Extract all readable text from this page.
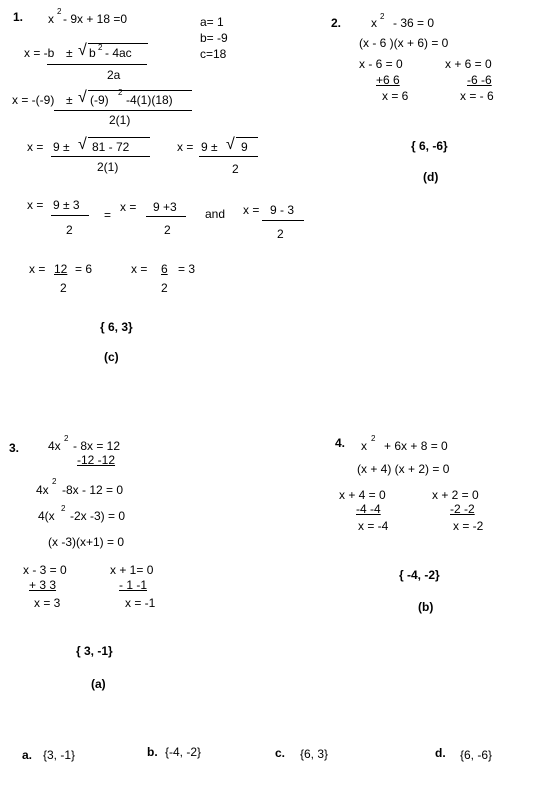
1. x
2
- 9x + 18 =0	a= 1
b= -9
c=18
x = -b ± √ b 2 - 4ac
2a
x = -(-9) ± √ (-9)
2
-4(1)(18)
2(1)
x = 9 ± √ 81 - 72
2(1)
x = 9 ± √ 9
2
x = 9 ± 3
2
=
x = 9 +3
2
and x = 9 - 3
2
x = 12
2
= 6	x = 6
2
= 3
{ 6, 3}
(c)
2. x 2 - 36 = 0
(x - 6 )(x + 6) = 0
x - 6 = 0
+6 6
x = 6
x + 6 = 0
-6 -6
x = - 6
{ 6, -6}
(d)
3. 4x
2
- 8x = 12
-12 -12
4x
2
-8x - 12 = 0
4(x
2
-2x -3) = 0
(x -3)(x+1) = 0
x - 3 = 0
+ 3 3
x = 3
x + 1= 0
- 1 -1
x = -1
{ 3, -1}
(a)
4. x
2
+ 6x + 8 = 0
(x + 4) (x + 2) = 0
x + 4 = 0
-4 -4
x = -4
x + 2 = 0
-2 -2
x = -2
{ -4, -2}
(b)
a. {3, -1}	b. {-4, -2}	c. {6, 3}	d. {6, -6}
